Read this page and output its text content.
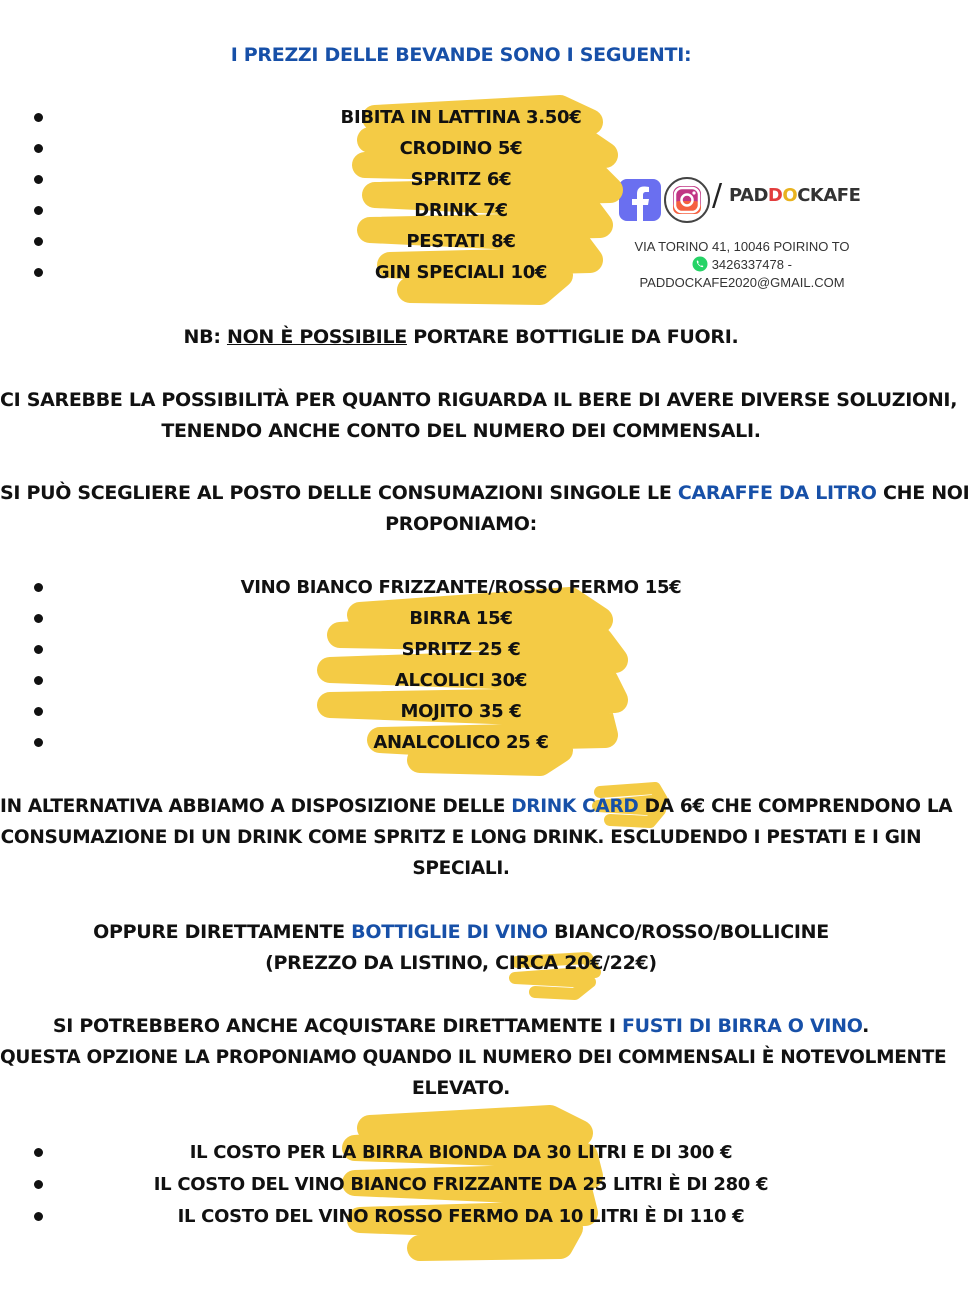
I PREZZI DELLE BEVANDE SONO I SEGUENTI:
BIBITA IN LATTINA 3.50€
CRODINO 5€
SPRITZ 6€
DRINK 7€
PESTATI 8€
GIN SPECIALI 10€
/ PADDOCKAFE
VIA TORINO 41, 10046 POIRINO TO
3426337478 -
PADDOCKAFE2020@GMAIL.COM
NB: NON È POSSIBILE PORTARE BOTTIGLIE DA FUORI.
CI SAREBBE LA POSSIBILITÀ PER QUANTO RIGUARDA IL BERE DI AVERE DIVERSE SOLUZIONI,
TENENDO ANCHE CONTO DEL NUMERO DEI COMMENSALI.
SI PUÒ SCEGLIERE AL POSTO DELLE CONSUMAZIONI SINGOLE LE CARAFFE DA LITRO CHE NOI
PROPONIAMO:
VINO BIANCO FRIZZANTE/ROSSO FERMO 15€
BIRRA 15€
SPRITZ 25 €
ALCOLICI 30€
MOJITO 35 €
ANALCOLICO 25 €
IN ALTERNATIVA ABBIAMO A DISPOSIZIONE DELLE DRINK CARD DA 6€ CHE COMPRENDONO LA
CONSUMAZIONE DI UN DRINK COME SPRITZ E LONG DRINK. ESCLUDENDO I PESTATI E I GIN
SPECIALI.
OPPURE DIRETTAMENTE BOTTIGLIE DI VINO BIANCO/ROSSO/BOLLICINE
(PREZZO DA LISTINO, CIRCA 20€/22€)
SI POTREBBERO ANCHE ACQUISTARE DIRETTAMENTE I FUSTI DI BIRRA O VINO.
QUESTA OPZIONE LA PROPONIAMO QUANDO IL NUMERO DEI COMMENSALI È NOTEVOLMENTE
ELEVATO.
IL COSTO PER LA BIRRA BIONDA DA 30 LITRI E DI 300 €
IL COSTO DEL VINO BIANCO FRIZZANTE DA 25 LITRI È DI 280 €
IL COSTO DEL VINO ROSSO FERMO DA 10 LITRI È DI 110 €
